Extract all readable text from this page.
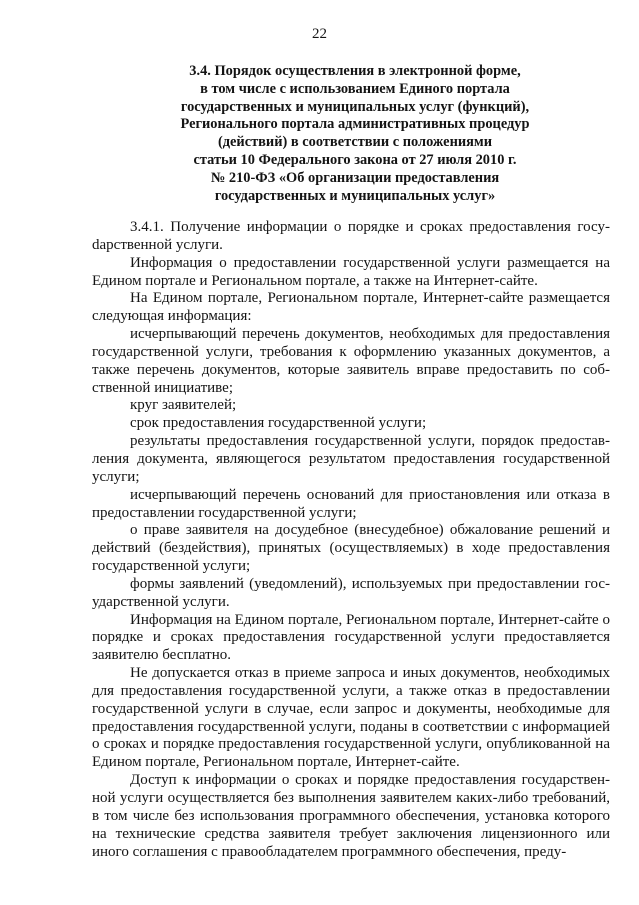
22
3.4. Порядок осуществления в электронной форме,
в том числе с использованием Единого портала
государственных и муниципальных услуг (функций),
Регионального портала административных процедур
(действий) в соответствии с положениями
статьи 10 Федерального закона от 27 июля 2010 г.
№ 210-ФЗ «Об организации предоставления
государственных и муниципальных услуг»

3.4.1. Получение информации о порядке и сроках предоставления госуdарственной услуги.

Информация о предоставлении государственной услуги размещается на Едином портале и Региональном портале, а также на Интернет-сайте.

На Едином портале, Региональном портале, Интернет-сайте размещается следующая информация:

исчерпывающий перечень документов, необходимых для предоставления государственной услуги, требования к оформлению указанных документов, а также перечень документов, которые заявитель вправе предоставить по собственной инициативе;

круг заявителей;

срок предоставления государственной услуги;

результаты предоставления государственной услуги, порядок предоставления документа, являющегося результатом предоставления государственной услуги;

исчерпывающий перечень оснований для приостановления или отказа в предоставлении государственной услуги;

о праве заявителя на досудебное (внесудебное) обжалование решений и действий (бездействия), принятых (осуществляемых) в ходе предоставления государственной услуги;

формы заявлений (уведомлений), используемых при предоставлении государственной услуги.

Информация на Едином портале, Региональном портале, Интернет-сайте о порядке и сроках предоставления государственной услуги предоставляется заявителю бесплатно.

Не допускается отказ в приеме запроса и иных документов, необходимых для предоставления государственной услуги, а также отказ в предоставлении государственной услуги в случае, если запрос и документы, необходимые для предоставления государственной услуги, поданы в соответствии с информацией о сроках и порядке предоставления государственной услуги, опубликованной на Едином портале, Региональном портале, Интернет-сайте.

Доступ к информации о сроках и порядке предоставления государственной услуги осуществляется без выполнения заявителем каких-либо требований, в том числе без использования программного обеспечения, установка которого на технические средства заявителя требует заключения лицензионного или иного соглашения с правообладателем программного обеспечения, преду-
